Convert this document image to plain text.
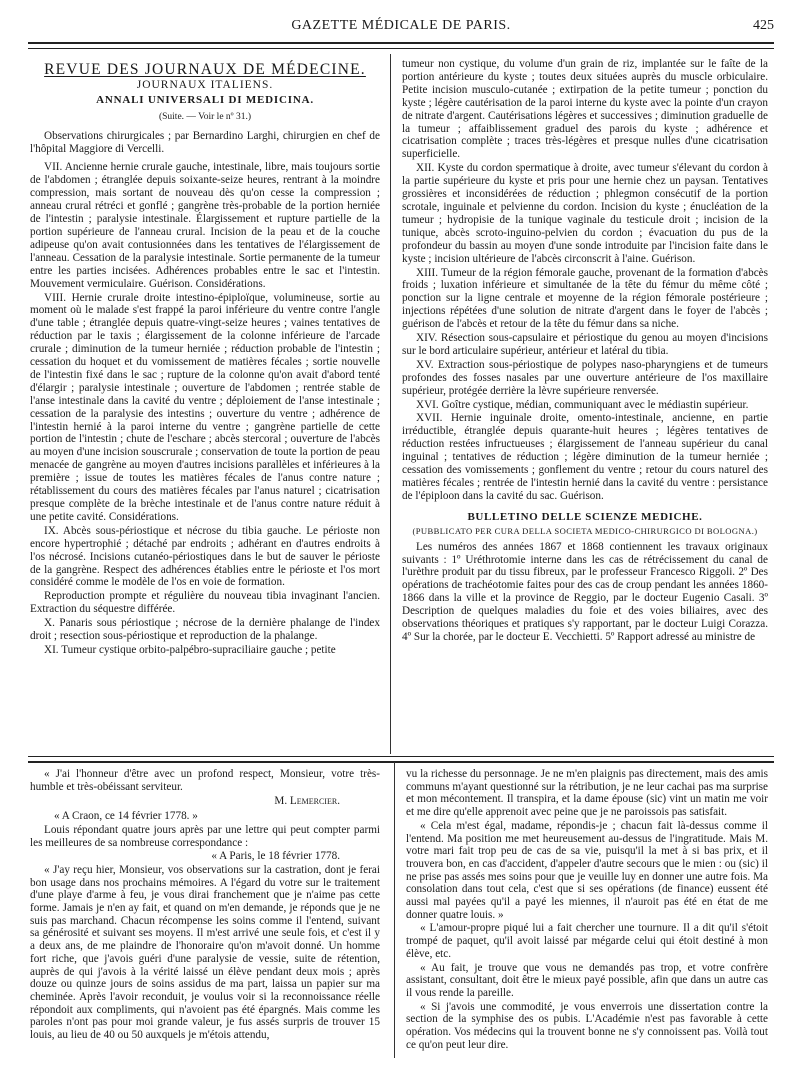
GAZETTE MÉDICALE DE PARIS.	425
REVUE DES JOURNAUX DE MÉDECINE.
JOURNAUX ITALIENS.
ANNALI UNIVERSALI DI MEDICINA.
(Suite. — Voir le nº 31.)

Observations chirurgicales ; par Bernardino Larghi, chirurgien en chef de l'hôpital Maggiore di Vercelli.

VII. Ancienne hernie crurale gauche, intestinale, libre, mais toujours sortie de l'abdomen ; étranglée depuis soixante-seize heures, rentrant à la moindre compression, mais sortant de nouveau dès qu'on cesse la compression ; anneau crural rétréci et gonflé ; gangrène très-probable de la portion herniée de l'intestin ; paralysie intestinale. Élargissement et rupture partielle de la portion supérieure de l'anneau crural. Incision de la peau et de la couche adipeuse qu'on avait contusionnées dans les tentatives de l'élargissement de l'anneau. Cessation de la paralysie intestinale. Sortie permanente de la tumeur entre les parties incisées. Adhérences probables entre le sac et l'intestin. Mouvement vermiculaire. Guérison. Considérations.

VIII. Hernie crurale droite intestino-épiploïque, volumineuse, sortie au moment où le malade s'est frappé la paroi inférieure du ventre contre l'angle d'une table ; étranglée depuis quatre-vingt-seize heures ; vaines tentatives de réduction par le taxis ; élargissement de la colonne inférieure de l'arcade crurale ; diminution de la tumeur herniée ; réduction probable de l'intestin ; cessation du hoquet et du vomissement de matières fécales ; sortie nouvelle de l'intestin fixé dans le sac ; rupture de la colonne qu'on avait d'abord tenté d'élargir ; paralysie intestinale ; ouverture de l'abdomen ; rentrée stable de l'anse intestinale dans la cavité du ventre ; déploiement de l'anse intestinale ; cessation de la paralysie des intestins ; ouverture du ventre ; adhérence de l'intestin hernié à la paroi interne du ventre ; gangrène partielle de cette portion de l'intestin ; chute de l'eschare ; abcès stercoral ; ouverture de l'abcès au moyen d'une incision souscrurale ; conservation de toute la portion de peau menacée de gangrène au moyen d'autres incisions parallèles et inférieures à la première ; issue de toutes les matières fécales de l'anus contre nature ; rétablissement du cours des matières fécales par l'anus naturel ; cicatrisation presque complète de la brèche intestinale et de l'anus contre nature réduit à une petite cavité. Considérations.

IX. Abcès sous-périostique et nécrose du tibia gauche. Le périoste non encore hypertrophié ; détaché par endroits ; adhérant en d'autres endroits à l'os nécrosé. Incisions cutanéo-périostiques dans le but de sauver le périoste de la gangrène. Respect des adhérences établies entre le périoste et l'os mort considéré comme le modèle de l'os en voie de formation.

Reproduction prompte et régulière du nouveau tibia invaginant l'ancien. Extraction du séquestre différée.

X. Panaris sous périostique ; nécrose de la dernière phalange de l'index droit ; resection sous-périostique et reproduction de la phalange.

XI. Tumeur cystique orbito-palpébro-supraciliaire gauche ; petite

tumeur non cystique, du volume d'un grain de riz, implantée sur le faîte de la portion antérieure du kyste ; toutes deux situées auprès du muscle orbiculaire. Petite incision musculo-cutanée ; extirpation de la petite tumeur ; ponction du kyste ; légère cautérisation de la paroi interne du kyste avec la pointe d'un crayon de nitrate d'argent. Cautérisations légères et successives ; diminution graduelle de la tumeur ; affaiblissement graduel des parois du kyste ; adhérence et cicatrisation complète ; traces très-légères et presque nulles d'une cicatrisation superficielle.

XII. Kyste du cordon spermatique à droite, avec tumeur s'élevant du cordon à la partie supérieure du kyste et pris pour une hernie chez un paysan. Tentatives grossières et inconsidérées de réduction ; phlegmon consécutif de la portion scrotale, inguinale et pelvienne du cordon. Incision du kyste ; énucléation de la tumeur ; hydropisie de la tunique vaginale du testicule droit ; incision de la tunique, abcès scroto-inguino-pelvien du cordon ; évacuation du pus de la profondeur du bassin au moyen d'une sonde introduite par l'incision faite dans le kyste ; incision ultérieure de l'abcès circonscrit à l'aine. Guérison.

XIII. Tumeur de la région fémorale gauche, provenant de la formation d'abcès froids ; luxation inférieure et simultanée de la tête du fémur du même côté ; ponction sur la ligne centrale et moyenne de la région fémorale postérieure ; injections répétées d'une solution de nitrate d'argent dans le foyer de l'abcès ; guérison de l'abcès et retour de la tête du fémur dans sa niche.

XIV. Résection sous-capsulaire et périostique du genou au moyen d'incisions sur le bord articulaire supérieur, antérieur et latéral du tibia.

XV. Extraction sous-périostique de polypes naso-pharyngiens et de tumeurs profondes des fosses nasales par une ouverture antérieure de l'os maxillaire supérieur, protégée derrière la lèvre supérieure renversée.

XVI. Goître cystique, médian, communiquant avec le médiastin supérieur.

XVII. Hernie inguinale droite, omento-intestinale, ancienne, en partie irréductible, étranglée depuis quarante-huit heures ; légères tentatives de réduction restées infructueuses ; élargissement de l'anneau supérieur du canal inguinal ; tentatives de réduction ; légère diminution de la tumeur herniée ; cessation des vomissements ; gonflement du ventre ; retour du cours naturel des matières fécales ; rentrée de l'intestin hernié dans la cavité du ventre : persistance de l'épiploon dans la cavité du sac. Guérison.

BULLETINO DELLE SCIENZE MEDICHE.
(PUBBLICATO PER CURA DELLA SOCIETA MEDICO-CHIRURGICO DI BOLOGNA.)

Les numéros des années 1867 et 1868 contiennent les travaux originaux suivants : 1º Uréthrotomie interne dans les cas de rétrécissement du canal de l'urèthre produit par du tissu fibreux, par le professeur Francesco Riggoli. 2º Des opérations de trachéotomie faites pour des cas de croup pendant les années 1860-1866 dans la ville et la province de Reggio, par le docteur Eugenio Casali. 3º Description de quelques maladies du foie et des voies biliaires, avec des observations théoriques et pratiques s'y rapportant, par le docteur Luigi Corazza. 4º Sur la chorée, par le docteur E. Vecchietti. 5º Rapport adressé au ministre de

« J'ai l'honneur d'être avec un profond respect, Monsieur, votre très-humble et très-obéissant serviteur.

M. Lemercier.

« A Craon, ce 14 février 1778. »

Louis répondant quatre jours après par une lettre qui peut compter parmi les meilleures de sa nombreuse correspondance :

« A Paris, le 18 février 1778.

« J'ay reçu hier, Monsieur, vos observations sur la castration, dont je ferai bon usage dans nos prochains mémoires. A l'égard du votre sur le traitement d'une playe d'arme à feu, je vous dirai franchement que je n'aime pas cette forme. Jamais je n'en ay fait, et quand on m'en demande, je réponds que je ne suis pas marchand. Chacun récompense les soins comme il l'entend, suivant sa générosité et suivant ses moyens. Il m'est arrivé une seule fois, et c'est il y a deux ans, de me plaindre de l'honoraire qu'on m'avoit donné. Un homme fort riche, que j'avois guéri d'une paralysie de vessie, suite de rétention, auprès de qui j'avois à la vérité laissé un élève pendant deux mois ; après douze ou quinze jours de soins assidus de ma part, laissa un papier sur ma cheminée. Après l'avoir reconduit, je voulus voir si la reconnoissance réelle répondoit aux compliments, qui n'avoient pas été épargnés. Mais comme les paroles n'ont pas pour moi grande valeur, je fus assés surpris de trouver 15 louis, au lieu de 40 ou 50 auxquels je m'étois attendu,

vu la richesse du personnage. Je ne m'en plaignis pas directement, mais des amis communs m'ayant questionné sur la rétribution, je ne leur cachai pas ma surprise et mon mécontement. Il transpira, et la dame épouse (sic) vint un matin me voir et me dire qu'elle apprenoit avec peine que je ne paroissois pas satisfait.

« Cela m'est égal, madame, répondis-je ; chacun fait là-dessus comme il l'entend. Ma position me met heureusement au-dessus de l'ingratitude. Mais M. votre mari fait trop peu de cas de sa vie, puisqu'il la met à si bas prix, et il trouvera bon, en cas d'accident, d'appeler d'autre secours que le mien : ou (sic) il ne prise pas assés mes soins pour que je veuille luy en donner une autre fois. Ma consolation dans tout cela, c'est que si ses opérations (de finance) eussent été aussi mal payées qu'il a payé les miennes, il n'auroit pas été en état de me donner quatre louis. »

« L'amour-propre piqué lui a fait chercher une tournure. Il a dit qu'il s'étoit trompé de paquet, qu'il avoit laissé par mégarde celui qui étoit destiné à mon élève, etc.

« Au fait, je trouve que vous ne demandés pas trop, et votre confrère assistant, consultant, doit être le mieux payé possible, afin que dans un autre cas il vous rende la pareille.

« Si j'avois une commodité, je vous enverrois une dissertation contre la section de la symphise des os pubis. L'Académie n'est pas favorable à cette opération. Vos médecins qui la trouvent bonne ne s'y connoissent pas. Voilà tout ce qu'on peut leur dire.
